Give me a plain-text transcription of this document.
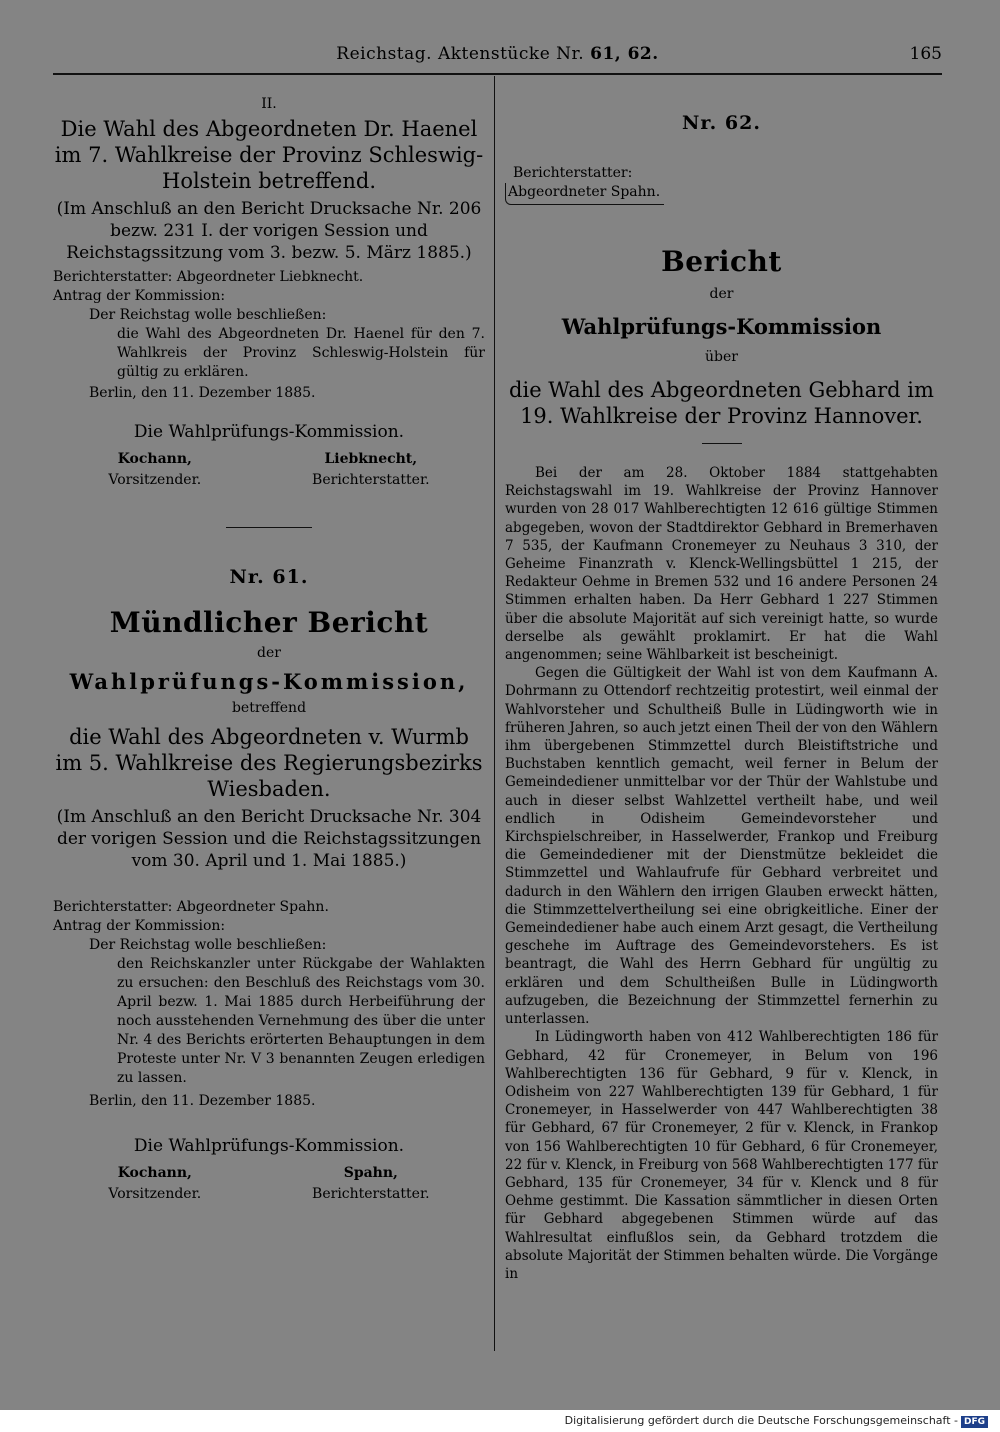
Reichstag. Aktenstücke Nr. 61, 62.	165
II.
Die Wahl des Abgeordneten Dr. Haenel im 7. Wahlkreise der Provinz Schleswig-Holstein betreffend.
(Im Anschluß an den Bericht Drucksache Nr. 206 bezw. 231 I. der vorigen Session und Reichstagssitzung vom 3. bezw. 5. März 1885.)
Berichterstatter: Abgeordneter Liebknecht.
Antrag der Kommission:
Der Reichstag wolle beschließen:
die Wahl des Abgeordneten Dr. Haenel für den 7. Wahlkreis der Provinz Schleswig-Holstein für gültig zu erklären.
Berlin, den 11. Dezember 1885.
Die Wahlprüfungs-Kommission.
Kochann,
Vorsitzender.
Liebknecht,
Berichterstatter.
Nr. 61.
Mündlicher Bericht
der
Wahlprüfungs-Kommission,
betreffend
die Wahl des Abgeordneten v. Wurmb im 5. Wahlkreise des Regierungsbezirks Wiesbaden.
(Im Anschluß an den Bericht Drucksache Nr. 304 der vorigen Session und die Reichstagssitzungen vom 30. April und 1. Mai 1885.)
Berichterstatter: Abgeordneter Spahn.
Antrag der Kommission:
Der Reichstag wolle beschließen:
den Reichskanzler unter Rückgabe der Wahlakten zu ersuchen: den Beschluß des Reichstags vom 30. April bezw. 1. Mai 1885 durch Herbeiführung der noch ausstehenden Vernehmung des über die unter Nr. 4 des Berichts erörterten Behauptungen in dem Proteste unter Nr. V 3 benannten Zeugen erledigen zu lassen.
Berlin, den 11. Dezember 1885.
Die Wahlprüfungs-Kommission.
Kochann,
Vorsitzender.
Spahn,
Berichterstatter.
Nr. 62.
Berichterstatter:
Abgeordneter Spahn.
Bericht
der
Wahlprüfungs-Kommission
über
die Wahl des Abgeordneten Gebhard im 19. Wahlkreise der Provinz Hannover.
Bei der am 28. Oktober 1884 stattgehabten Reichstagswahl im 19. Wahlkreise der Provinz Hannover wurden von 28 017 Wahlberechtigten 12 616 gültige Stimmen abgegeben, wovon der Stadtdirektor Gebhard in Bremerhaven 7 535, der Kaufmann Cronemeyer zu Neuhaus 3 310, der Geheime Finanzrath v. Klenck-Wellingsbüttel 1 215, der Redakteur Oehme in Bremen 532 und 16 andere Personen 24 Stimmen erhalten haben. Da Herr Gebhard 1 227 Stimmen über die absolute Majorität auf sich vereinigt hatte, so wurde derselbe als gewählt proklamirt. Er hat die Wahl angenommen; seine Wählbarkeit ist bescheinigt.
Gegen die Gültigkeit der Wahl ist von dem Kaufmann A. Dohrmann zu Ottendorf rechtzeitig protestirt, weil einmal der Wahlvorsteher und Schultheiß Bulle in Lüdingworth wie in früheren Jahren, so auch jetzt einen Theil der von den Wählern ihm übergebenen Stimmzettel durch Bleistiftstriche und Buchstaben kenntlich gemacht, weil ferner in Belum der Gemeindediener unmittelbar vor der Thür der Wahlstube und auch in dieser selbst Wahlzettel vertheilt habe, und weil endlich in Odisheim Gemeindevorsteher und Kirchspielschreiber, in Hasselwerder, Frankop und Freiburg die Gemeindediener mit der Dienstmütze bekleidet die Stimmzettel und Wahlaufrufe für Gebhard verbreitet und dadurch in den Wählern den irrigen Glauben erweckt hätten, die Stimmzettelvertheilung sei eine obrigkeitliche. Einer der Gemeindediener habe auch einem Arzt gesagt, die Vertheilung geschehe im Auftrage des Gemeindevorstehers. Es ist beantragt, die Wahl des Herrn Gebhard für ungültig zu erklären und dem Schultheißen Bulle in Lüdingworth aufzugeben, die Bezeichnung der Stimmzettel fernerhin zu unterlassen.
In Lüdingworth haben von 412 Wahlberechtigten 186 für Gebhard, 42 für Cronemeyer, in Belum von 196 Wahlberechtigten 136 für Gebhard, 9 für v. Klenck, in Odisheim von 227 Wahlberechtigten 139 für Gebhard, 1 für Cronemeyer, in Hasselwerder von 447 Wahlberechtigten 38 für Gebhard, 67 für Cronemeyer, 2 für v. Klenck, in Frankop von 156 Wahlberechtigten 10 für Gebhard, 6 für Cronemeyer, 22 für v. Klenck, in Freiburg von 568 Wahlberechtigten 177 für Gebhard, 135 für Cronemeyer, 34 für v. Klenck und 8 für Oehme gestimmt. Die Kassation sämmtlicher in diesen Orten für Gebhard abgegebenen Stimmen würde auf das Wahlresultat einflußlos sein, da Gebhard trotzdem die absolute Majorität der Stimmen behalten würde. Die Vorgänge in
Digitalisierung gefördert durch die Deutsche Forschungsgemeinschaft - DFG
